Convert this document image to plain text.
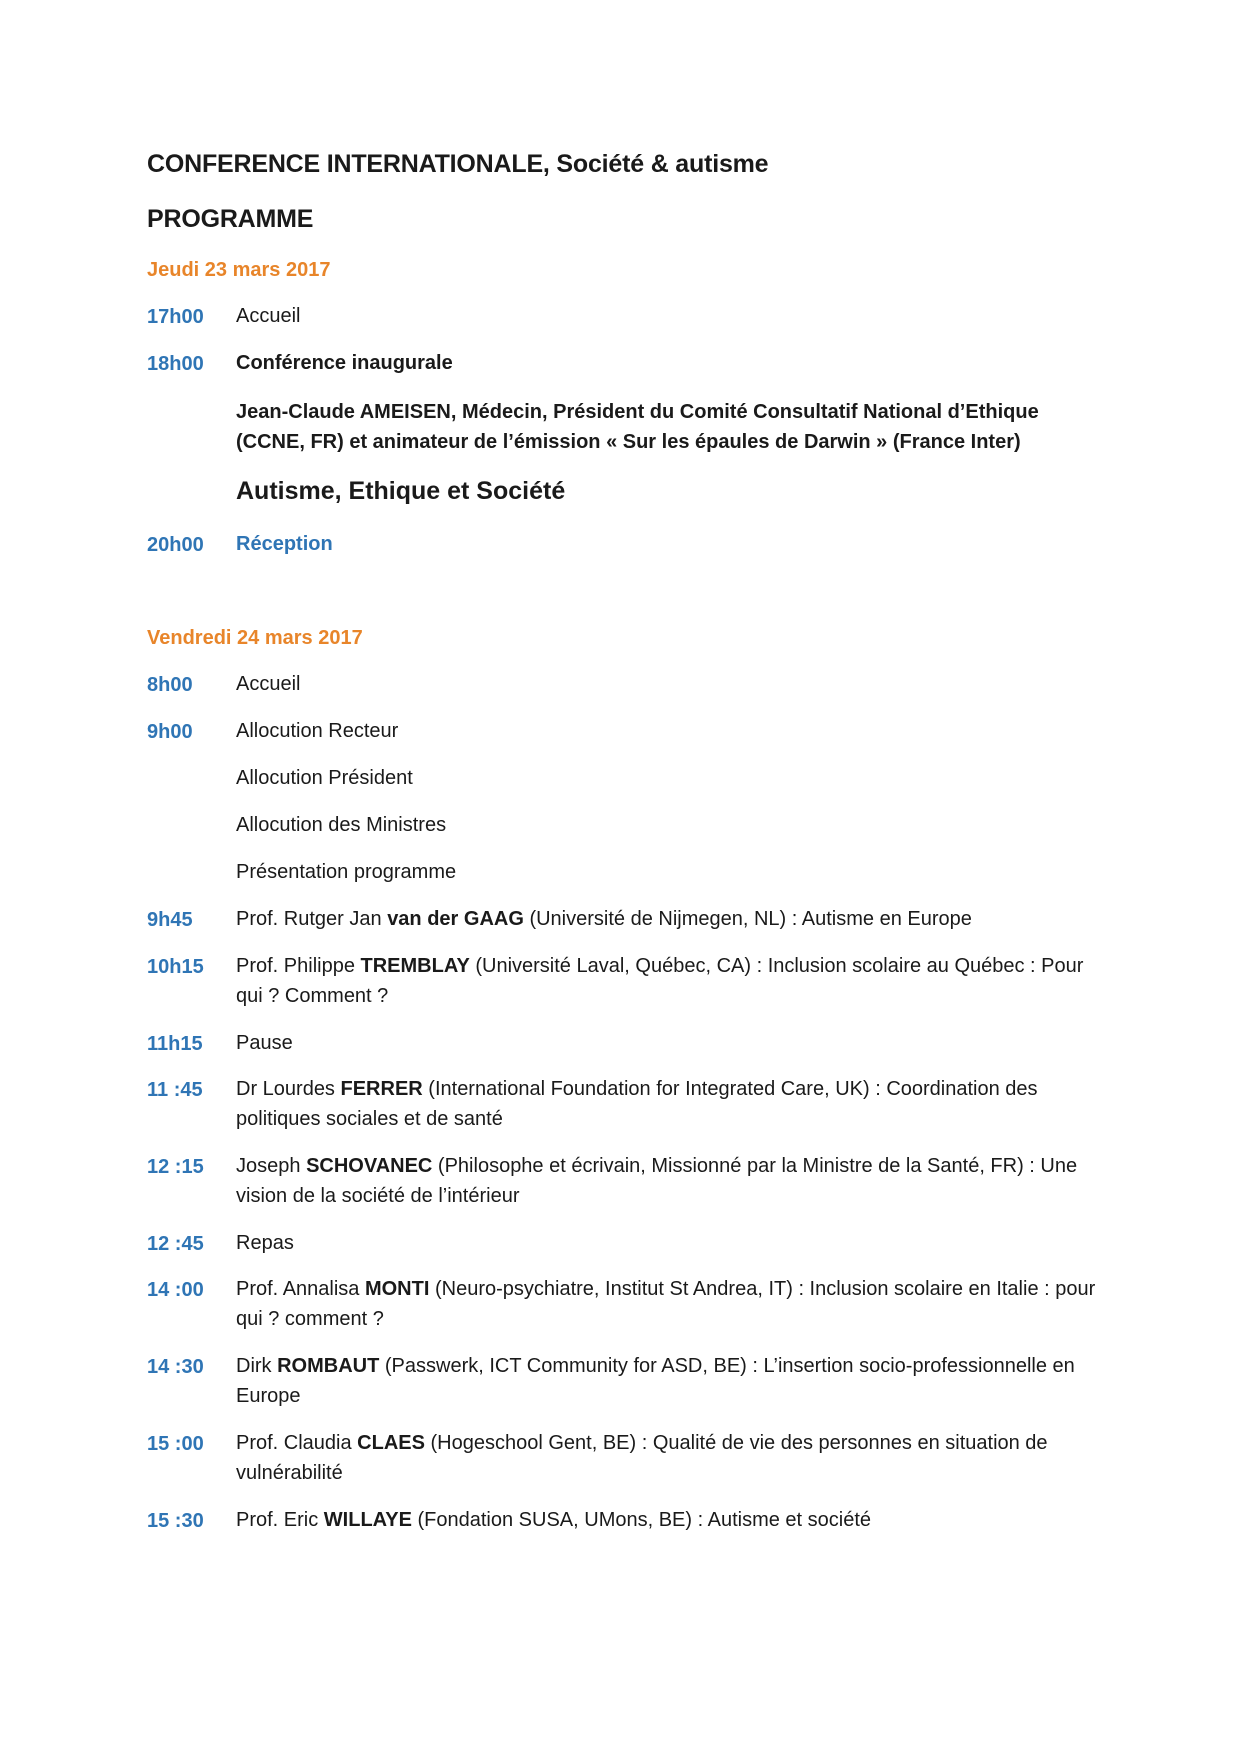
CONFERENCE INTERNATIONALE, Société & autisme
PROGRAMME
Jeudi 23 mars 2017
17h00 Accueil
18h00 Conférence inaugurale
Jean-Claude AMEISEN, Médecin, Président du Comité Consultatif National d’Ethique (CCNE, FR) et animateur de l’émission « Sur les épaules de Darwin » (France Inter)
Autisme, Ethique et Société
20h00 Réception
Vendredi 24 mars 2017
8h00 Accueil
9h00 Allocution Recteur
Allocution Président
Allocution des Ministres
Présentation programme
9h45 Prof. Rutger Jan van der GAAG (Université de Nijmegen, NL) : Autisme en Europe
10h15 Prof. Philippe TREMBLAY (Université Laval, Québec, CA) : Inclusion scolaire au Québec : Pour qui ? Comment ?
11h15 Pause
11 :45 Dr Lourdes FERRER (International Foundation for Integrated Care, UK) : Coordination des politiques sociales et de santé
12 :15 Joseph SCHOVANEC (Philosophe et écrivain, Missionné par la Ministre de la Santé, FR) : Une vision de la société de l’intérieur
12 :45 Repas
14 :00 Prof. Annalisa MONTI (Neuro-psychiatre, Institut St Andrea, IT) : Inclusion scolaire en Italie : pour qui ? comment ?
14 :30 Dirk ROMBAUT (Passwerk, ICT Community for ASD, BE) : L’insertion socio-professionnelle en Europe
15 :00 Prof. Claudia CLAES (Hogeschool Gent, BE) : Qualité de vie des personnes en situation de vulnérabilité
15 :30 Prof. Eric WILLAYE (Fondation SUSA, UMons, BE) : Autisme et société
